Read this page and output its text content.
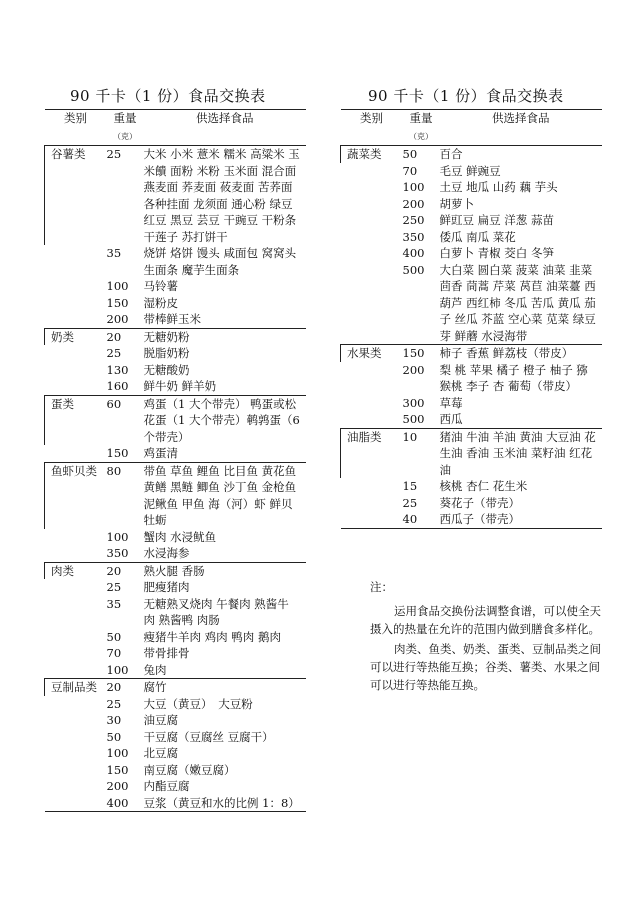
90 千卡（1 份）食品交换表
类别	重量（克）	供选择食品
谷薯类	25	大米 小米 薏米 糯米 高粱米 玉米饋 面粉 米粉 玉米面 混合面 燕麦面 荞麦面 莜麦面 苦荞面 各种挂面 龙须面 通心粉 绿豆 红豆 黑豆 芸豆 干豌豆 干粉条 干莲子 苏打饼干
	35	烧饼 烙饼 馒头 咸面包 窝窝头 生面条 魔芋生面条
	100	马铃薯
	150	湿粉皮
	200	带棒鲜玉米
奶类	20	无糖奶粉
	25	脱脂奶粉
	130	无糖酸奶
	160	鲜牛奶 鲜羊奶
蛋类	60	鸡蛋（1 大个带壳） 鸭蛋或松花蛋（1 大个带壳）鹌鹑蛋（6 个带壳）
	150	鸡蛋清
鱼虾贝类	80	带鱼 草鱼 鲤鱼 比目鱼 黄花鱼 黄鳝 黑鲢 鲫鱼 沙丁鱼 金枪鱼 泥鳅鱼 甲鱼 海（河）虾 鲜贝 牡蛎
	100	蟹肉 水浸鱿鱼
	350	水浸海参
肉类	20	熟火腿 香肠
	25	肥瘦猪肉
	35	无糖熟叉烧肉 午餐肉 熟酱牛肉 熟酱鸭 肉肠
	50	瘦猪牛羊肉 鸡肉 鸭肉 鹅肉
	70	带骨排骨
	100	兔肉
豆制品类	20	腐竹
	25	大豆（黄豆）　大豆粉
	30	油豆腐
	50	干豆腐（豆腐丝 豆腐干）
	100	北豆腐
	150	南豆腐（嫩豆腐）
	200	内酯豆腐
	400	豆浆（黄豆和水的比例 1：8）
90 千卡（1 份）食品交换表
类别	重量（克）	供选择食品
蔬菜类	50	百合
	70	毛豆 鲜豌豆
	100	土豆 地瓜 山药 藕 芋头
	200	胡萝卜
	250	鲜豇豆 扁豆 洋葱 蒜苗
	350	倭瓜 南瓜 菜花
	400	白萝卜 青椒 茭白 冬笋
	500	大白菜 圆白菜 菠菜 油菜 韭菜 茴香 茼蒿 芹菜 莴苣 油菜薹 西葫芦 西红柿 冬瓜 苦瓜 黄瓜 茄子 丝瓜 芥蓝 空心菜 苋菜 绿豆芽 鲜蘑 水浸海带
水果类	150	柿子 香蕉 鲜荔枝（带皮）
	200	梨 桃 苹果 橘子 橙子 柚子 猕猴桃 李子 杏 葡萄（带皮）
	300	草莓
	500	西瓜
油脂类	10	猪油 牛油 羊油 黄油 大豆油 花生油 香油 玉米油 菜籽油 红花油
	15	核桃 杏仁 花生米
	25	葵花子（带壳）
	40	西瓜子（带壳）

注：

运用食品交换份法调整食谱，可以使全天摄入的热量在允许的范围内做到膳食多样化。

肉类、鱼类、奶类、蛋类、豆制品类之间可以进行等热能互换；谷类、薯类、水果之间可以进行等热能互换。
